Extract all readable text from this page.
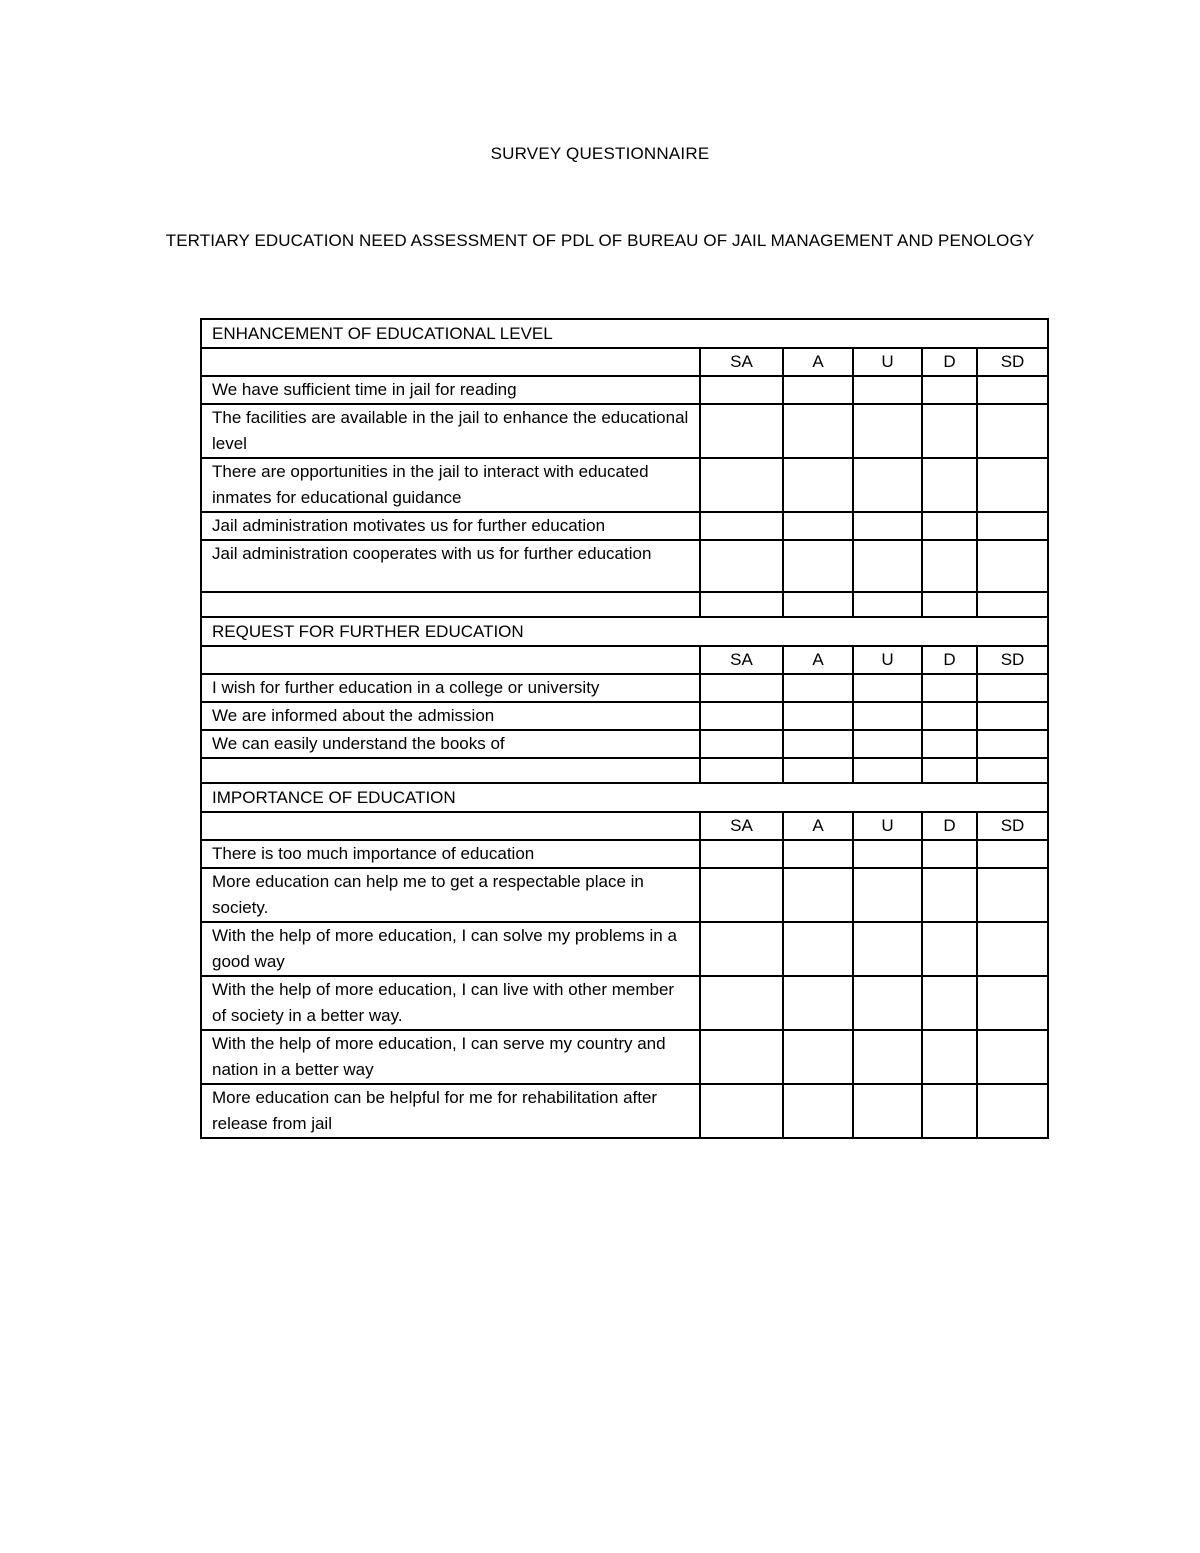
SURVEY QUESTIONNAIRE
TERTIARY EDUCATION NEED ASSESSMENT OF PDL OF BUREAU OF JAIL MANAGEMENT AND PENOLOGY
ENHANCEMENT OF EDUCATIONAL LEVEL					
	SA	A	U	D	SD
We have sufficient time in jail for reading					
The facilities are available in the jail to enhance the educational level					
There are opportunities in the jail to interact with educated inmates for educational guidance					
Jail administration motivates us for further education					
Jail administration cooperates with us for further education					

REQUEST FOR FURTHER EDUCATION					
	SA	A	U	D	SD
I wish for further education in a college or university					
We are informed about the admission					
We can easily understand the books of					

IMPORTANCE OF EDUCATION					
	SA	A	U	D	SD
There is too much importance of education					
More education can help me to get a respectable place in society.					
With the help of more education, I can solve my problems in a good way					
With the help of more education, I can live with other member of society in a better way.					
With the help of more education, I can serve my country and nation in a better way					
More education can be helpful for me for rehabilitation after release from jail					
